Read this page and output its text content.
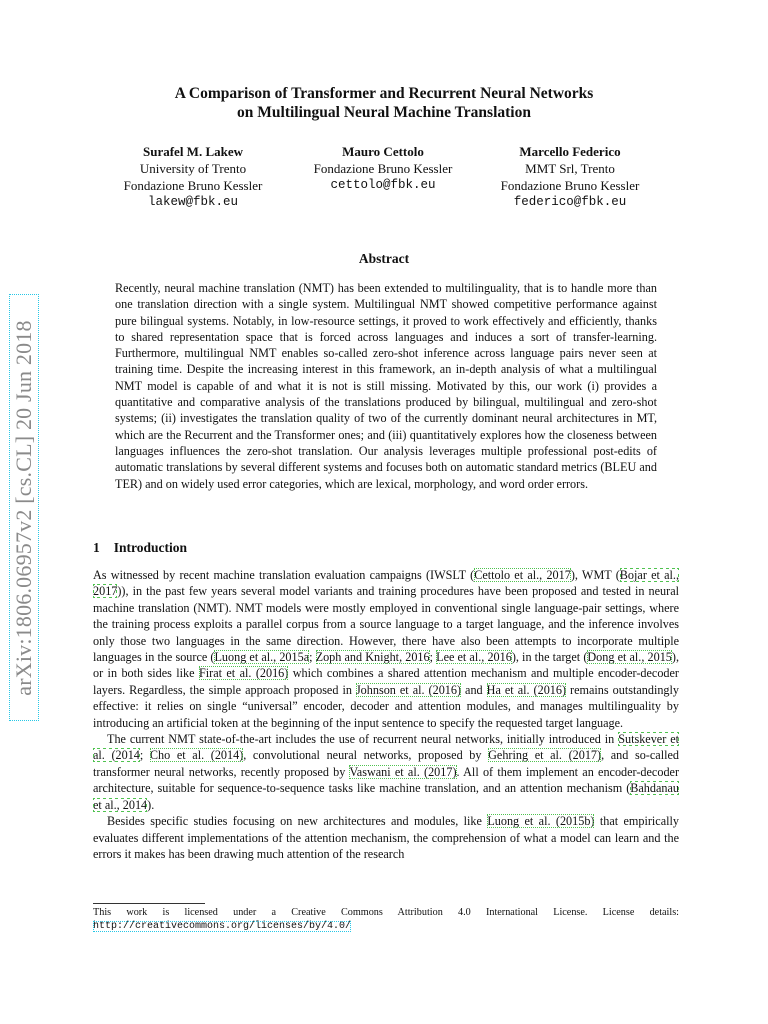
arXiv:1806.06957v2 [cs.CL] 20 Jun 2018
A Comparison of Transformer and Recurrent Neural Networks
on Multilingual Neural Machine Translation
Surafel M. Lakew
University of Trento
Fondazione Bruno Kessler
lakew@fbk.eu
Mauro Cettolo
Fondazione Bruno Kessler
cettolo@fbk.eu
Marcello Federico
MMT Srl, Trento
Fondazione Bruno Kessler
federico@fbk.eu
Abstract
Recently, neural machine translation (NMT) has been extended to multilinguality, that is to handle more than one translation direction with a single system. Multilingual NMT showed competitive performance against pure bilingual systems. Notably, in low-resource settings, it proved to work effectively and efficiently, thanks to shared representation space that is forced across languages and induces a sort of transfer-learning. Furthermore, multilingual NMT enables so-called zero-shot inference across language pairs never seen at training time. Despite the increasing interest in this framework, an in-depth analysis of what a multilingual NMT model is capable of and what it is not is still missing. Motivated by this, our work (i) provides a quantitative and comparative analysis of the translations produced by bilingual, multilingual and zero-shot systems; (ii) investigates the translation quality of two of the currently dominant neural architectures in MT, which are the Recurrent and the Transformer ones; and (iii) quantitatively explores how the closeness between languages influences the zero-shot translation. Our analysis leverages multiple professional post-edits of automatic translations by several different systems and focuses both on automatic standard metrics (BLEU and TER) and on widely used error categories, which are lexical, morphology, and word order errors.
1 Introduction

As witnessed by recent machine translation evaluation campaigns (IWSLT (Cettolo et al., 2017), WMT (Bojar et al., 2017)), in the past few years several model variants and training procedures have been proposed and tested in neural machine translation (NMT). NMT models were mostly employed in conventional single language-pair settings, where the training process exploits a parallel corpus from a source language to a target language, and the inference involves only those two languages in the same direction. However, there have also been attempts to incorporate multiple languages in the source (Luong et al., 2015a; Zoph and Knight, 2016; Lee et al., 2016), in the target (Dong et al., 2015), or in both sides like Firat et al. (2016) which combines a shared attention mechanism and multiple encoder-decoder layers. Regardless, the simple approach proposed in Johnson et al. (2016) and Ha et al. (2016) remains outstandingly effective: it relies on single “universal” encoder, decoder and attention modules, and manages multilinguality by introducing an artificial token at the beginning of the input sentence to specify the requested target language.

The current NMT state-of-the-art includes the use of recurrent neural networks, initially introduced in Sutskever et al. (2014; Cho et al. (2014), convolutional neural networks, proposed by Gehring et al. (2017), and so-called transformer neural networks, recently proposed by Vaswani et al. (2017). All of them implement an encoder-decoder architecture, suitable for sequence-to-sequence tasks like machine translation, and an attention mechanism (Bahdanau et al., 2014).

Besides specific studies focusing on new architectures and modules, like Luong et al. (2015b) that empirically evaluates different implementations of the attention mechanism, the comprehension of what a model can learn and the errors it makes has been drawing much attention of the research

This work is licensed under a Creative Commons Attribution 4.0 International License. License details: http://creativecommons.org/licenses/by/4.0/
